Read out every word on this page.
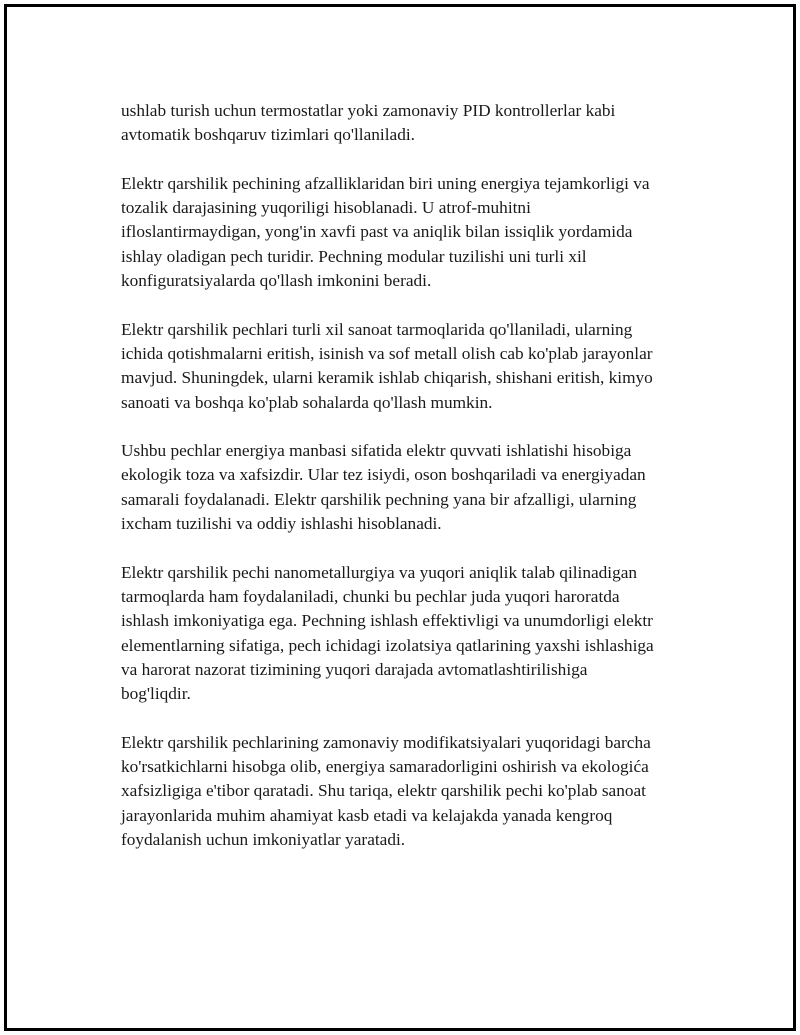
ushlab turish uchun termostatlar yoki zamonaviy PID kontrollerlar kabi
avtomatik boshqaruv tizimlari qo'llaniladi.

Elektr qarshilik pechining afzalliklaridan biri uning energiya tejamkorligi va
tozalik darajasining yuqoriligi hisoblanadi. U atrof-muhitni
ifloslantirmaydigan, yong'in xavfi past va aniqlik bilan issiqlik yordamida
ishlay oladigan pech turidir. Pechning modular tuzilishi uni turli xil
konfiguratsiyalarda qo'llash imkonini beradi.

Elektr qarshilik pechlari turli xil sanoat tarmoqlarida qo'llaniladi, ularning
ichida qotishmalarni eritish, isinish va sof metall olish cab ko'plab jarayonlar
mavjud. Shuningdek, ularni keramik ishlab chiqarish, shishani eritish, kimyo
sanoati va boshqa ko'plab sohalarda qo'llash mumkin.

Ushbu pechlar energiya manbasi sifatida elektr quvvati ishlatishi hisobiga
ekologik toza va xafsizdir. Ular tez isiydi, oson boshqariladi va energiyadan
samarali foydalanadi. Elektr qarshilik pechning yana bir afzalligi, ularning
ixcham tuzilishi va oddiy ishlashi hisoblanadi.

Elektr qarshilik pechi nanometallurgiya va yuqori aniqlik talab qilinadigan
tarmoqlarda ham foydalaniladi, chunki bu pechlar juda yuqori haroratda
ishlash imkoniyatiga ega. Pechning ishlash effektivligi va unumdorligi elektr
elementlarning sifatiga, pech ichidagi izolatsiya qatlarining yaxshi ishlashiga
va harorat nazorat tizimining yuqori darajada avtomatlashtirilishiga
bog'liqdir.

Elektr qarshilik pechlarining zamonaviy modifikatsiyalari yuqoridagi barcha
ko'rsatkichlarni hisobga olib, energiya samaradorligini oshirish va ekologića
xafsizligiga e'tibor qaratadi. Shu tariqa, elektr qarshilik pechi ko'plab sanoat
jarayonlarida muhim ahamiyat kasb etadi va kelajakda yanada kengroq
foydalanish uchun imkoniyatlar yaratadi.
